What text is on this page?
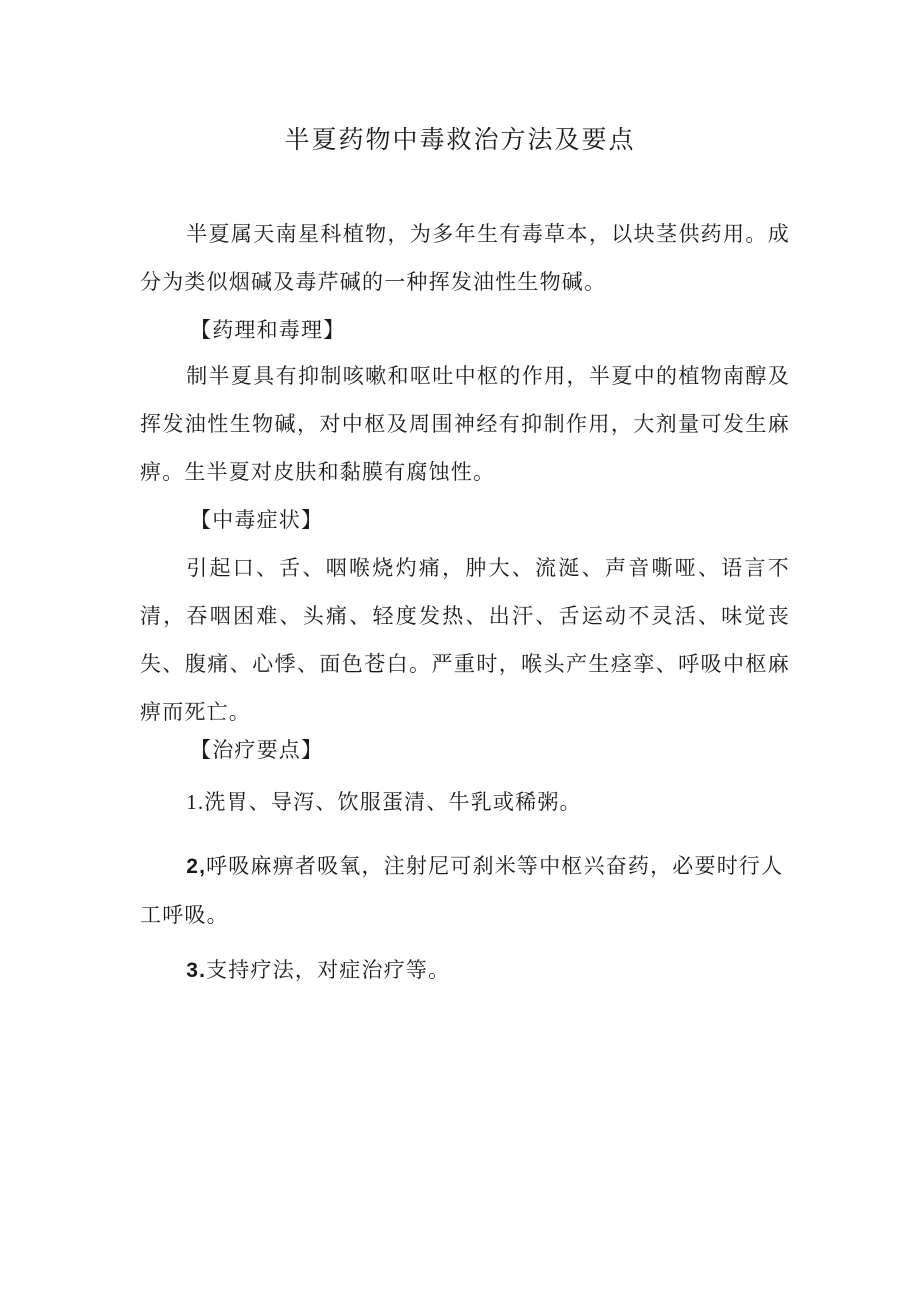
半夏药物中毒救治方法及要点

半夏属天南星科植物，为多年生有毒草本，以块茎供药用。成分为类似烟碱及毒芹碱的一种挥发油性生物碱。

【药理和毒理】

制半夏具有抑制咳嗽和呕吐中枢的作用，半夏中的植物南醇及挥发油性生物碱，对中枢及周围神经有抑制作用，大剂量可发生麻痹。生半夏对皮肤和黏膜有腐蚀性。

【中毒症状】

引起口、舌、咽喉烧灼痛，肿大、流涎、声音嘶哑、语言不清，吞咽困难、头痛、轻度发热、出汗、舌运动不灵活、味觉丧失、腹痛、心悸、面色苍白。严重时，喉头产生痉挛、呼吸中枢麻痹而死亡。

【治疗要点】

1.洗胃、导泻、饮服蛋清、牛乳或稀粥。

2,呼吸麻痹者吸氧，注射尼可刹米等中枢兴奋药，必要时行人工呼吸。

3.支持疗法，对症治疗等。
